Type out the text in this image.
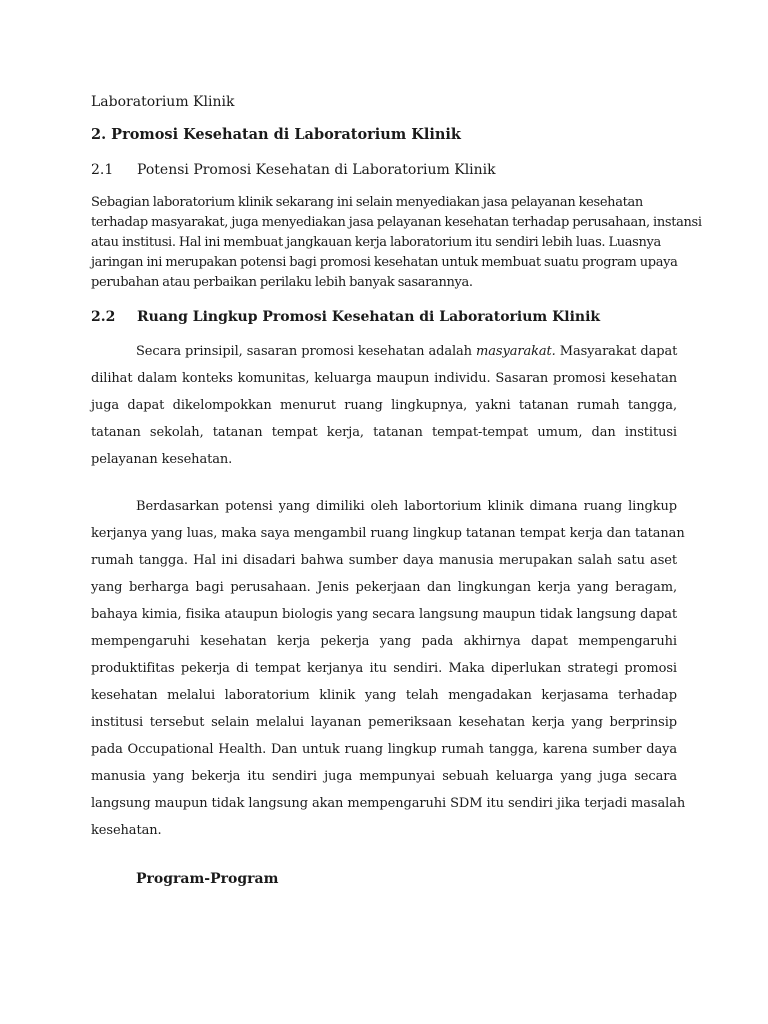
Laboratorium Klinik
2. Promosi Kesehatan di Laboratorium Klinik
2.1 Potensi Promosi Kesehatan di Laboratorium Klinik
Sebagian laboratorium klinik sekarang ini selain menyediakan jasa pelayanan kesehatan
terhadap masyarakat, juga menyediakan jasa pelayanan kesehatan terhadap perusahaan, instansi
atau institusi. Hal ini membuat jangkauan kerja laboratorium itu sendiri lebih luas. Luasnya
jaringan ini merupakan potensi bagi promosi kesehatan untuk membuat suatu program upaya
perubahan atau perbaikan perilaku lebih banyak sasarannya.
2.2 Ruang Lingkup Promosi Kesehatan di Laboratorium Klinik
Secara prinsipil, sasaran promosi kesehatan adalah masyarakat. Masyarakat dapat
dilihat dalam konteks komunitas, keluarga maupun individu. Sasaran promosi kesehatan
juga dapat dikelompokkan menurut ruang lingkupnya, yakni tatanan rumah tangga,
tatanan sekolah, tatanan tempat kerja, tatanan tempat-tempat umum, dan institusi
pelayanan kesehatan.
Berdasarkan potensi yang dimiliki oleh labortorium klinik dimana ruang lingkup
kerjanya yang luas, maka saya mengambil ruang lingkup tatanan tempat kerja dan tatanan
rumah tangga. Hal ini disadari bahwa sumber daya manusia merupakan salah satu aset
yang berharga bagi perusahaan. Jenis pekerjaan dan lingkungan kerja yang beragam,
bahaya kimia, fisika ataupun biologis yang secara langsung maupun tidak langsung dapat
mempengaruhi kesehatan kerja pekerja yang pada akhirnya dapat mempengaruhi
produktifitas pekerja di tempat kerjanya itu sendiri. Maka diperlukan strategi promosi
kesehatan melalui laboratorium klinik yang telah mengadakan kerjasama terhadap
institusi tersebut selain melalui layanan pemeriksaan kesehatan kerja yang berprinsip
pada Occupational Health. Dan untuk ruang lingkup rumah tangga, karena sumber daya
manusia yang bekerja itu sendiri juga mempunyai sebuah keluarga yang juga secara
langsung maupun tidak langsung akan mempengaruhi SDM itu sendiri jika terjadi masalah
kesehatan.
Program-Program
